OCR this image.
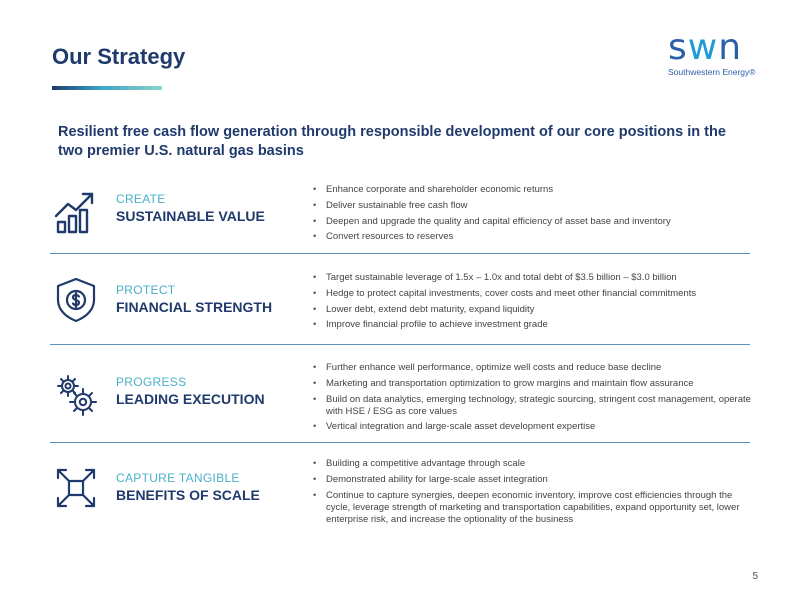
Our Strategy	swn
Southwestern Energy®

Resilient free cash flow generation through responsible development of our core positions in the two premier U.S. natural gas basins

CREATE
SUSTAINABLE VALUE
• Enhance corporate and shareholder economic returns
• Deliver sustainable free cash flow
• Deepen and upgrade the quality and capital efficiency of asset base and inventory
• Convert resources to reserves
PROTECT
FINANCIAL STRENGTH
• Target sustainable leverage of 1.5x – 1.0x and total debt of $3.5 billion – $3.0 billion
• Hedge to protect capital investments, cover costs and meet other financial commitments
• Lower debt, extend debt maturity, expand liquidity
• Improve financial profile to achieve investment grade
PROGRESS
LEADING EXECUTION
• Further enhance well performance, optimize well costs and reduce base decline
• Marketing and transportation optimization to grow margins and maintain flow assurance
• Build on data analytics, emerging technology, strategic sourcing, stringent cost management, operate with HSE / ESG as core values
• Vertical integration and large-scale asset development expertise
CAPTURE TANGIBLE
BENEFITS OF SCALE
• Building a competitive advantage through scale
• Demonstrated ability for large-scale asset integration
• Continue to capture synergies, deepen economic inventory, improve cost efficiencies through the cycle, leverage strength of marketing and transportation capabilities, expand opportunity set, lower enterprise risk, and increase the optionality of the business
5
